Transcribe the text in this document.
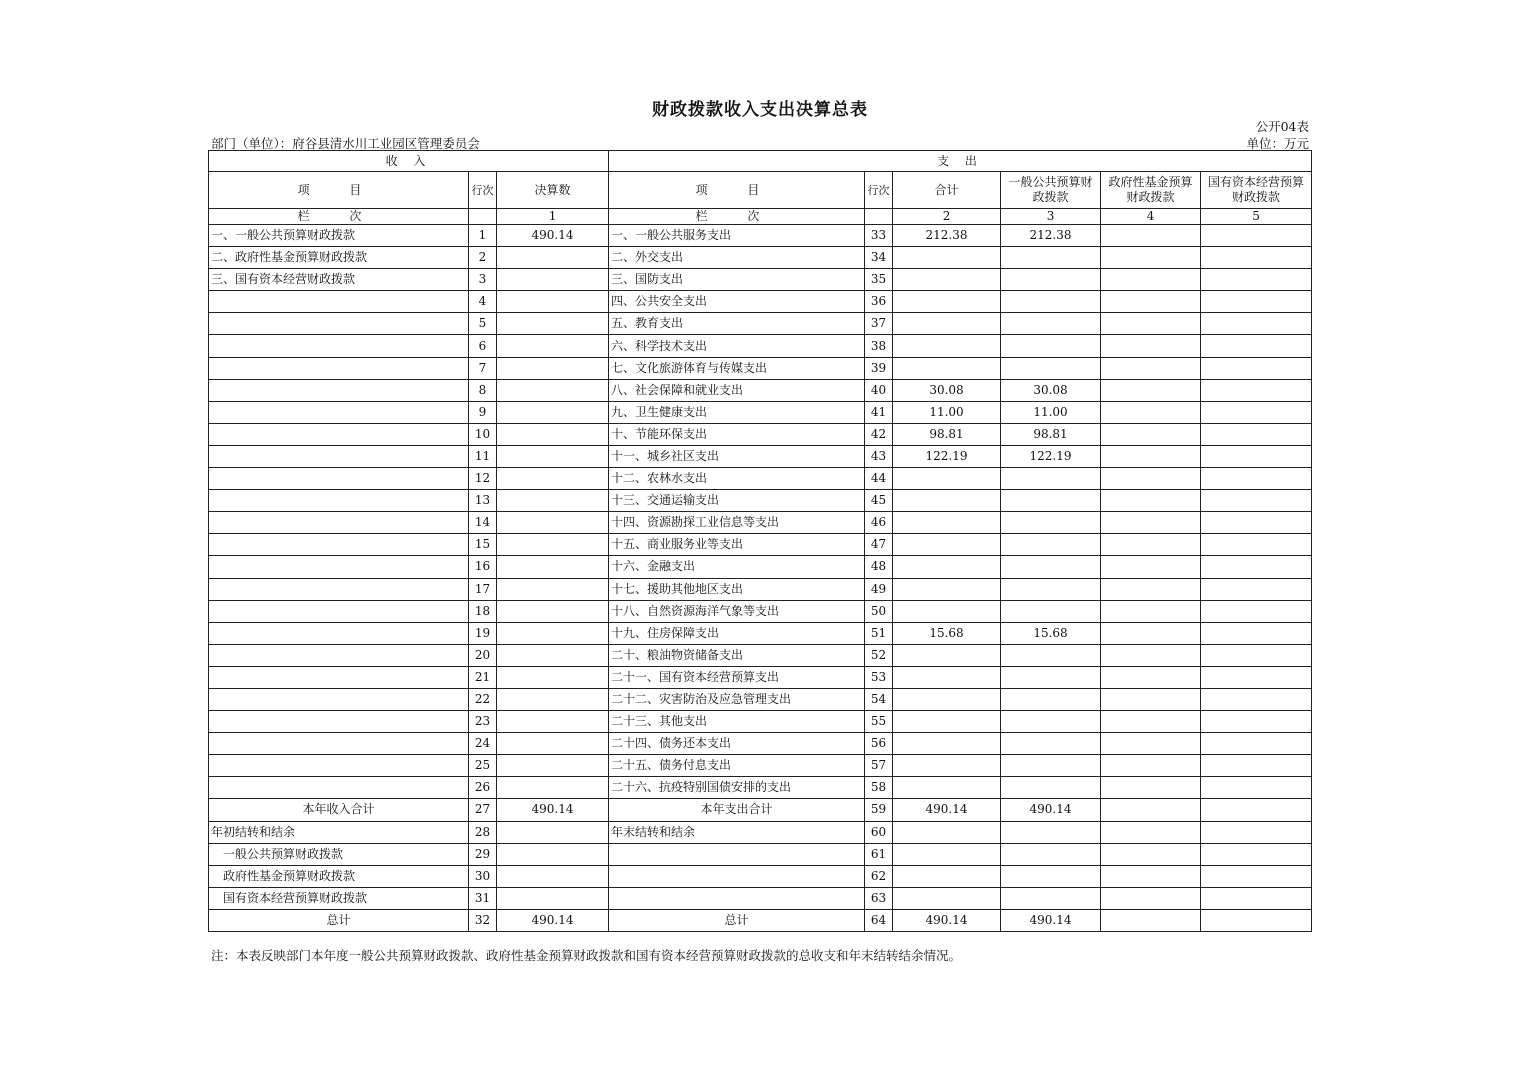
财政拨款收入支出决算总表
公开04表
部门（单位）：府谷县清水川工业园区管理委员会	单位：万元
收 入			支 出					
项 目	行次	决算数	项 目	行次	合计	一般公共预算财政拨款	政府性基金预算财政拨款	国有资本经营预算财政拨款
栏 次		1	栏 次		2	3	4	5
一、一般公共预算财政拨款	1	490.14	一、一般公共服务支出	33	212.38	212.38		
二、政府性基金预算财政拨款	2		二、外交支出	34				
三、国有资本经营财政拨款	3		三、国防支出	35				
	4		四、公共安全支出	36				
	5		五、教育支出	37				
	6		六、科学技术支出	38				
	7		七、文化旅游体育与传媒支出	39				
	8		八、社会保障和就业支出	40	30.08	30.08		
	9		九、卫生健康支出	41	11.00	11.00		
	10		十、节能环保支出	42	98.81	98.81		
	11		十一、城乡社区支出	43	122.19	122.19		
	12		十二、农林水支出	44				
	13		十三、交通运输支出	45				
	14		十四、资源勘探工业信息等支出	46				
	15		十五、商业服务业等支出	47				
	16		十六、金融支出	48				
	17		十七、援助其他地区支出	49				
	18		十八、自然资源海洋气象等支出	50				
	19		十九、住房保障支出	51	15.68	15.68		
	20		二十、粮油物资储备支出	52				
	21		二十一、国有资本经营预算支出	53				
	22		二十二、灾害防治及应急管理支出	54				
	23		二十三、其他支出	55				
	24		二十四、债务还本支出	56				
	25		二十五、债务付息支出	57				
	26		二十六、抗疫特别国债安排的支出	58				
本年收入合计	27	490.14	本年支出合计	59	490.14	490.14		
年初结转和结余	28		年末结转和结余	60				
一般公共预算财政拨款	29			61				
政府性基金预算财政拨款	30			62				
国有资本经营预算财政拨款	31			63				
总计	32	490.14	总计	64	490.14	490.14		
注：本表反映部门本年度一般公共预算财政拨款、政府性基金预算财政拨款和国有资本经营预算财政拨款的总收支和年末结转结余情况。
